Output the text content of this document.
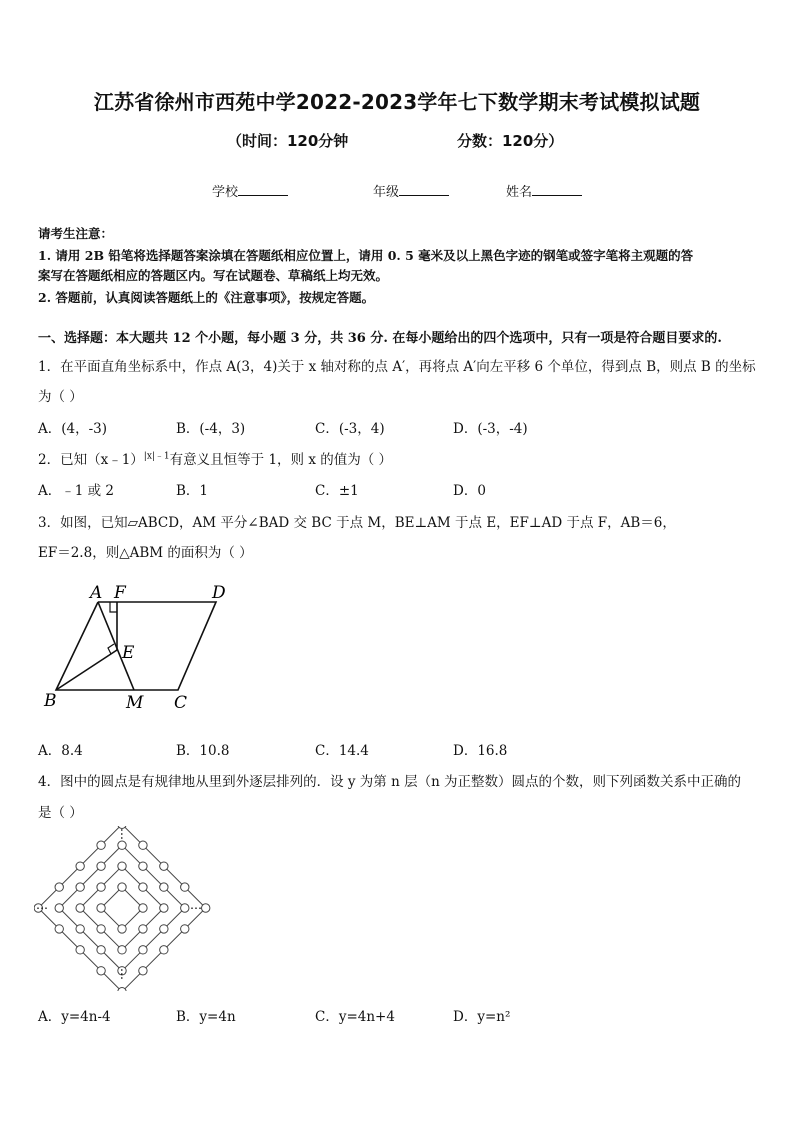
江苏省徐州市西苑中学2022-2023学年七下数学期末考试模拟试题
（时间：120分钟	分数：120分）
学校	年级	姓名
请考生注意：
1. 请用 2B 铅笔将选择题答案涂填在答题纸相应位置上，请用 0. 5 毫米及以上黑色字迹的钢笔或签字笔将主观题的答
案写在答题纸相应的答题区内。写在试题卷、草稿纸上均无效。
2. 答题前，认真阅读答题纸上的《注意事项》，按规定答题。
一、选择题：本大题共 12 个小题，每小题 3 分，共 36 分. 在每小题给出的四个选项中，只有一项是符合题目要求的.
1．在平面直角坐标系中，作点 A(3，4)关于 x 轴对称的点 A′，再将点 A′向左平移 6 个单位，得到点 B，则点 B 的坐标
为（ ）
A．(4，-3)	B．(-4，3)	C．(-3，4)	D．(-3，-4)
2．已知（x﹣1）$^{|x|﹣1}$有意义且恒等于 1，则 x 的值为（ ）
A．﹣1 或 2	B．1	C．±1	D．0
3．如图，已知▱ABCD，AM 平分∠BAD 交 BC 于点 M，BE⊥AM 于点 E，EF⊥AD 于点 F，AB＝6，
EF＝2.8，则△ABM 的面积为（ ）
A F	D
E
B	M C
A．8.4	B．10.8	C．14.4	D．16.8
4．图中的圆点是有规律地从里到外逐层排列的．设 y 为第 n 层（n 为正整数）圆点的个数，则下列函数关系中正确的
是（ ）
⋯
⋯
⋯	⋯
A．y=4n-4	B．y=4n	C．y=4n+4	D．y=n²
